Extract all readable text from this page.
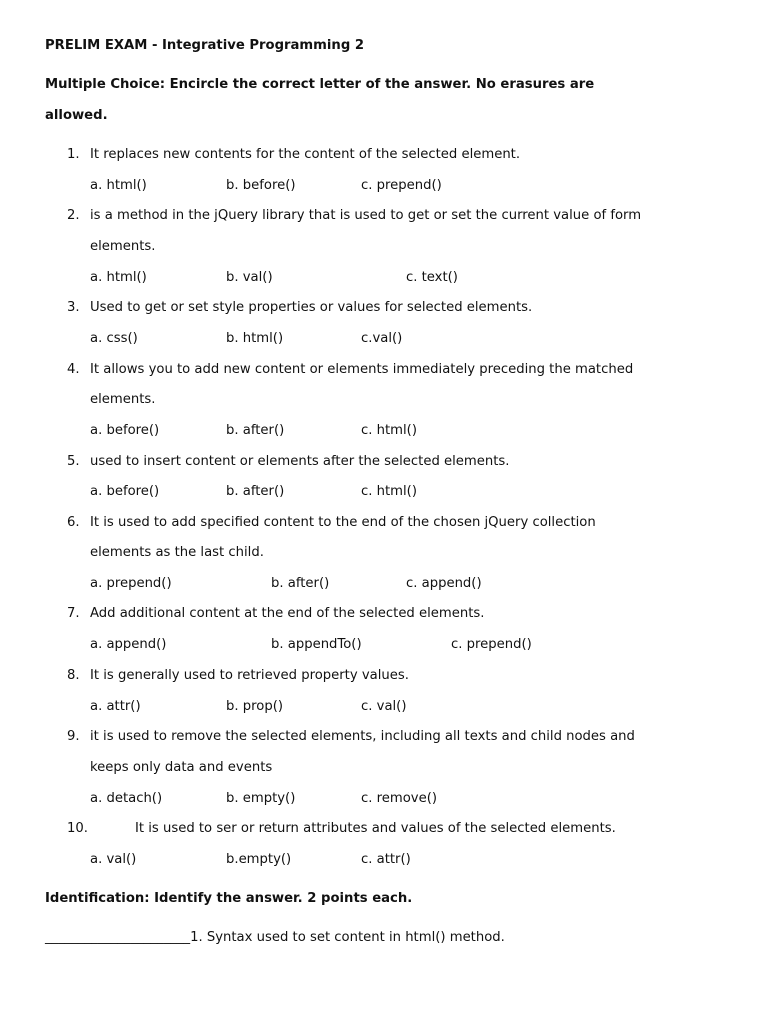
PRELIM EXAM - Integrative Programming 2
Multiple Choice: Encircle the correct letter of the answer. No erasures are
allowed.
1. It replaces new contents for the content of the selected element.
a. html()	b. before()	c. prepend()
2. is a method in the jQuery library that is used to get or set the current value of form
elements.
a. html()	b. val()	c. text()
3. Used to get or set style properties or values for selected elements.
a. css()	b. html()	c.val()
4. It allows you to add new content or elements immediately preceding the matched
elements.
a. before()	b. after()	c. html()
5. used to insert content or elements after the selected elements.
a. before()	b. after()	c. html()
6. It is used to add specified content to the end of the chosen jQuery collection
elements as the last child.
a. prepend()	b. after()	c. append()
7. Add additional content at the end of the selected elements.
a. append()	b. appendTo()	c. prepend()
8. It is generally used to retrieved property values.
a. attr()	b. prop()	c. val()
9. it is used to remove the selected elements, including all texts and child nodes and
keeps only data and events
a. detach()	b. empty()	c. remove()
10.	It is used to ser or return attributes and values of the selected elements.
a. val()	b.empty()	c. attr()
Identification: Identify the answer. 2 points each.
______________________1. Syntax used to set content in html() method.
